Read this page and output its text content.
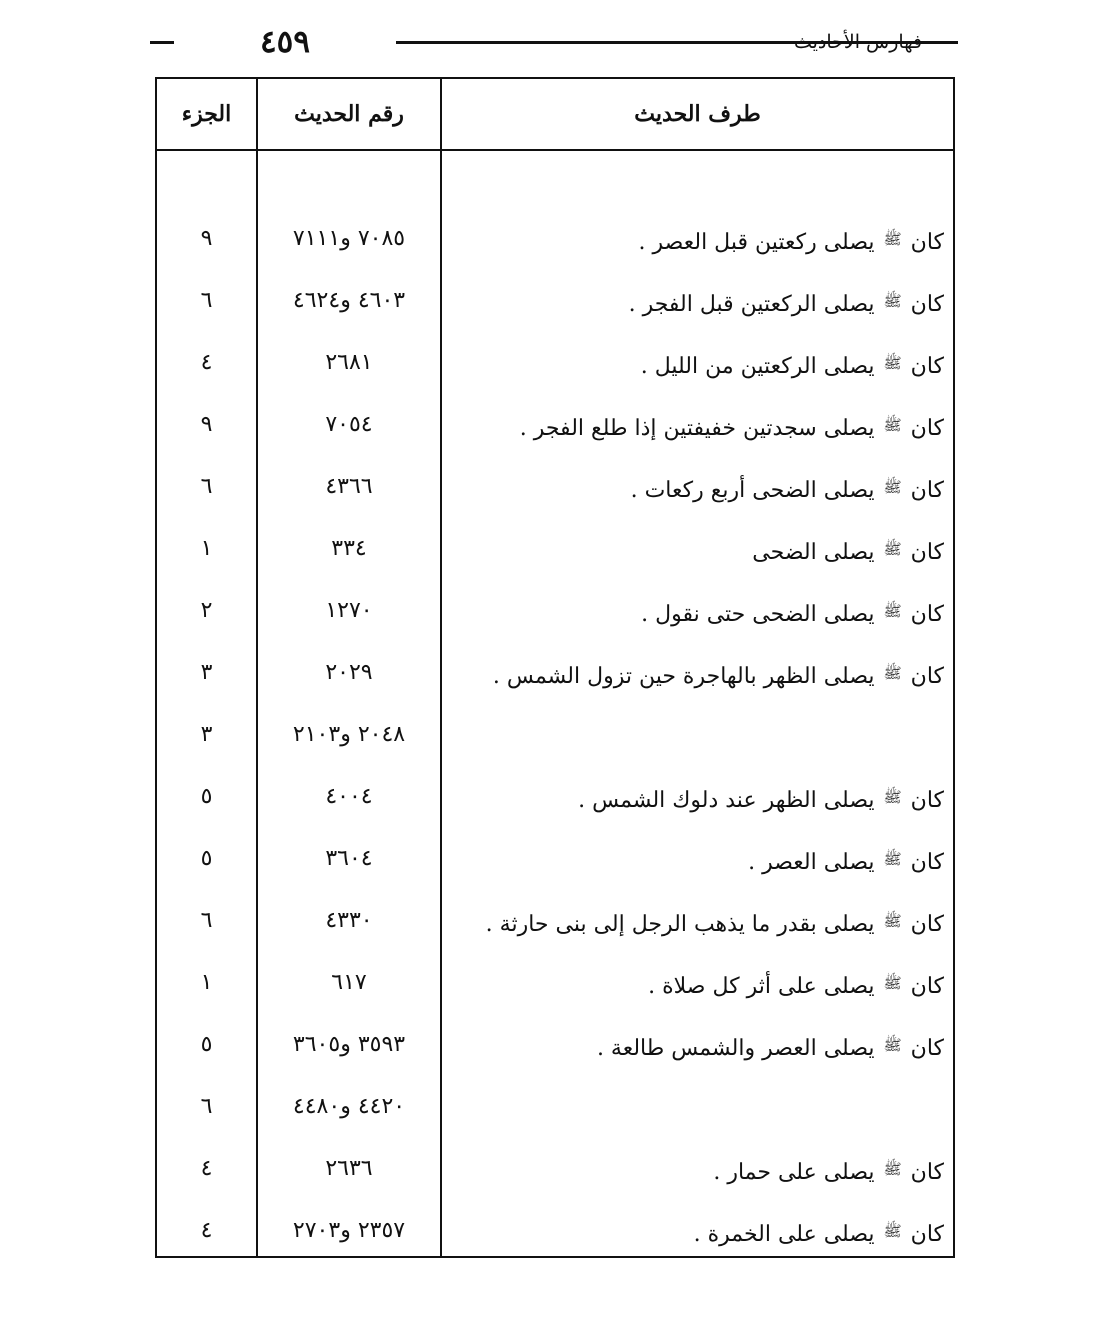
٤٥٩	فهارس الأحاديث
طرف الحديث
رقم الحديث
الجزء
كان $^ﷺ$ يصلى ركعتين قبل العصر .
٧٠٨٥ و٧١١١
٩
كان $^ﷺ$ يصلى الركعتين قبل الفجر .
٤٦٠٣ و٤٦٢٤
٦
كان $^ﷺ$ يصلى الركعتين من الليل .
٢٦٨١
٤
كان $^ﷺ$ يصلى سجدتين خفيفتين إذا طلع الفجر .
٧٠٥٤
٩
كان $^ﷺ$ يصلى الضحى أربع ركعات .
٤٣٦٦
٦
كان $^ﷺ$ يصلى الضحى
٣٣٤
١
كان $^ﷺ$ يصلى الضحى حتى نقول .
١٢٧٠
٢
كان $^ﷺ$ يصلى الظهر بالهاجرة حين تزول الشمس .
٢٠٢٩
٣
٢٠٤٨ و٢١٠٣
٣
كان $^ﷺ$ يصلى الظهر عند دلوك الشمس .
٤٠٠٤
٥
كان $^ﷺ$ يصلى العصر .
٣٦٠٤
٥
كان $^ﷺ$ يصلى بقدر ما يذهب الرجل إلى بنى حارثة .
٤٣٣٠
٦
كان $^ﷺ$ يصلى على أثر كل صلاة .
٦١٧
١
كان $^ﷺ$ يصلى العصر والشمس طالعة .
٣٥٩٣ و٣٦٠٥
٥
٤٤٢٠ و٤٤٨٠
٦
كان $^ﷺ$ يصلى على حمار .
٢٦٣٦
٤
كان $^ﷺ$ يصلى على الخمرة .
٢٣٥٧ و٢٧٠٣
٤
